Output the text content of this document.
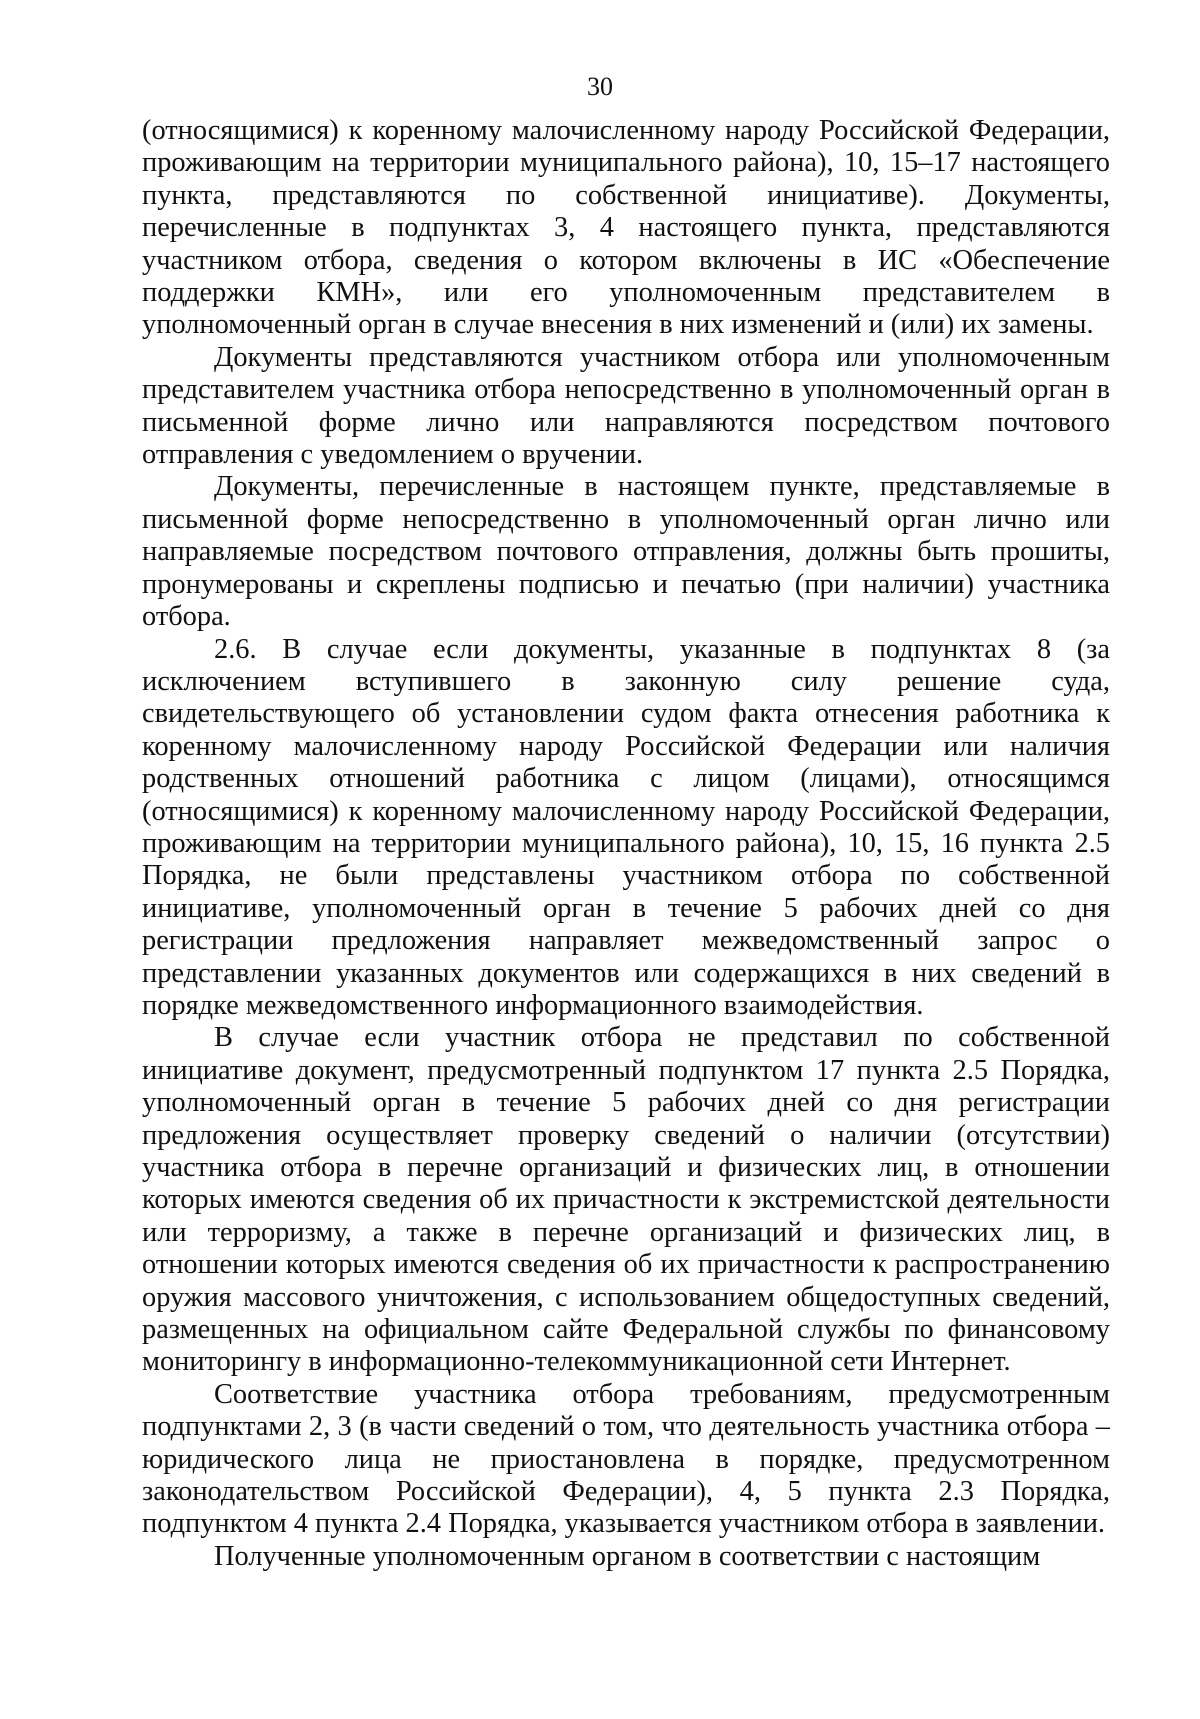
30

(относящимися) к коренному малочисленному народу Российской Федерации, проживающим на территории муниципального района), 10, 15–17 настоящего пункта, представляются по собственной инициативе). Документы, перечисленные в подпунктах 3, 4 настоящего пункта, представляются участником отбора, сведения о котором включены в ИС «Обеспечение поддержки КМН», или его уполномоченным представителем в уполномоченный орган в случае внесения в них изменений и (или) их замены.

Документы представляются участником отбора или уполномоченным представителем участника отбора непосредственно в уполномоченный орган в письменной форме лично или направляются посредством почтового отправления с уведомлением о вручении.

Документы, перечисленные в настоящем пункте, представляемые в письменной форме непосредственно в уполномоченный орган лично или направляемые посредством почтового отправления, должны быть прошиты, пронумерованы и скреплены подписью и печатью (при наличии) участника отбора.

2.6. В случае если документы, указанные в подпунктах 8 (за исключением вступившего в законную силу решение суда, свидетельствующего об установлении судом факта отнесения работника к коренному малочисленному народу Российской Федерации или наличия родственных отношений работника с лицом (лицами), относящимся (относящимися) к коренному малочисленному народу Российской Федерации, проживающим на территории муниципального района), 10, 15, 16 пункта 2.5 Порядка, не были представлены участником отбора по собственной инициативе, уполномоченный орган в течение 5 рабочих дней со дня регистрации предложения направляет межведомственный запрос о представлении указанных документов или содержащихся в них сведений в порядке межведомственного информационного взаимодействия.

В случае если участник отбора не представил по собственной инициативе документ, предусмотренный подпунктом 17 пункта 2.5 Порядка, уполномоченный орган в течение 5 рабочих дней со дня регистрации предложения осуществляет проверку сведений о наличии (отсутствии) участника отбора в перечне организаций и физических лиц, в отношении которых имеются сведения об их причастности к экстремистской деятельности или терроризму, а также в перечне организаций и физических лиц, в отношении которых имеются сведения об их причастности к распространению оружия массового уничтожения, с использованием общедоступных сведений, размещенных на официальном сайте Федеральной службы по финансовому мониторингу в информационно-телекоммуникационной сети Интернет.

Соответствие участника отбора требованиям, предусмотренным подпунктами 2, 3 (в части сведений о том, что деятельность участника отбора – юридического лица не приостановлена в порядке, предусмотренном законодательством Российской Федерации), 4, 5 пункта 2.3 Порядка, подпунктом 4 пункта 2.4 Порядка, указывается участником отбора в заявлении.

Полученные уполномоченным органом в соответствии с настоящим
